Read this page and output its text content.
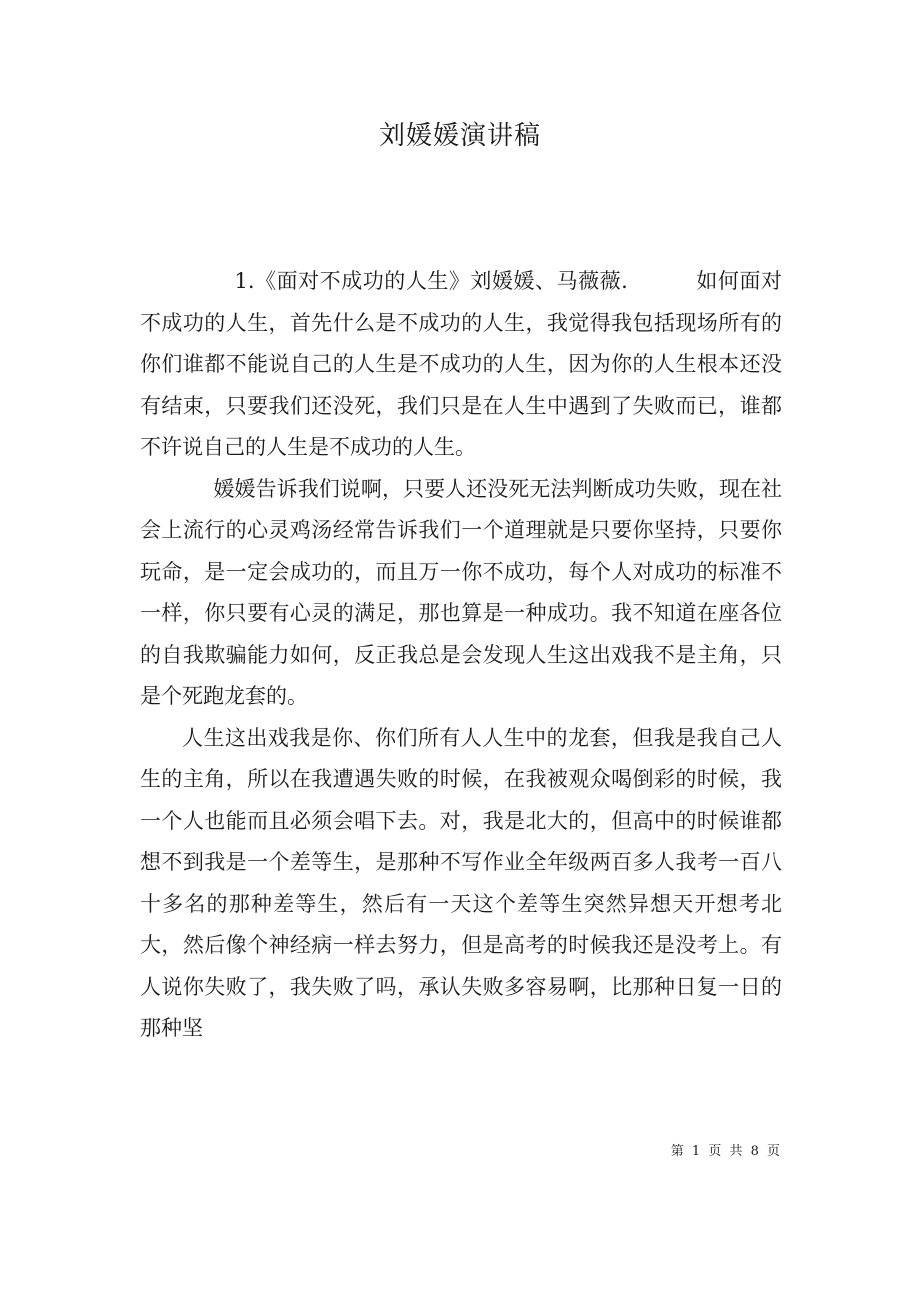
刘媛媛演讲稿

1.《面对不成功的人生》刘媛媛、马薇薇.	如何面对不成功的人生，首先什么是不成功的人生，我觉得我包括现场所有的你们谁都不能说自己的人生是不成功的人生，因为你的人生根本还没有结束，只要我们还没死，我们只是在人生中遇到了失败而已，谁都不许说自己的人生是不成功的人生。

媛媛告诉我们说啊，只要人还没死无法判断成功失败，现在社会上流行的心灵鸡汤经常告诉我们一个道理就是只要你坚持，只要你玩命，是一定会成功的，而且万一你不成功，每个人对成功的标准不一样，你只要有心灵的满足，那也算是一种成功。我不知道在座各位的自我欺骗能力如何，反正我总是会发现人生这出戏我不是主角，只是个死跑龙套的。

人生这出戏我是你、你们所有人人生中的龙套，但我是我自己人生的主角，所以在我遭遇失败的时候，在我被观众喝倒彩的时候，我一个人也能而且必须会唱下去。对，我是北大的，但高中的时候谁都想不到我是一个差等生，是那种不写作业全年级两百多人我考一百八十多名的那种差等生，然后有一天这个差等生突然异想天开想考北大，然后像个神经病一样去努力，但是高考的时候我还是没考上。有人说你失败了，我失败了吗，承认失败多容易啊，比那种日复一日的那种坚

第 1 页 共 8 页
